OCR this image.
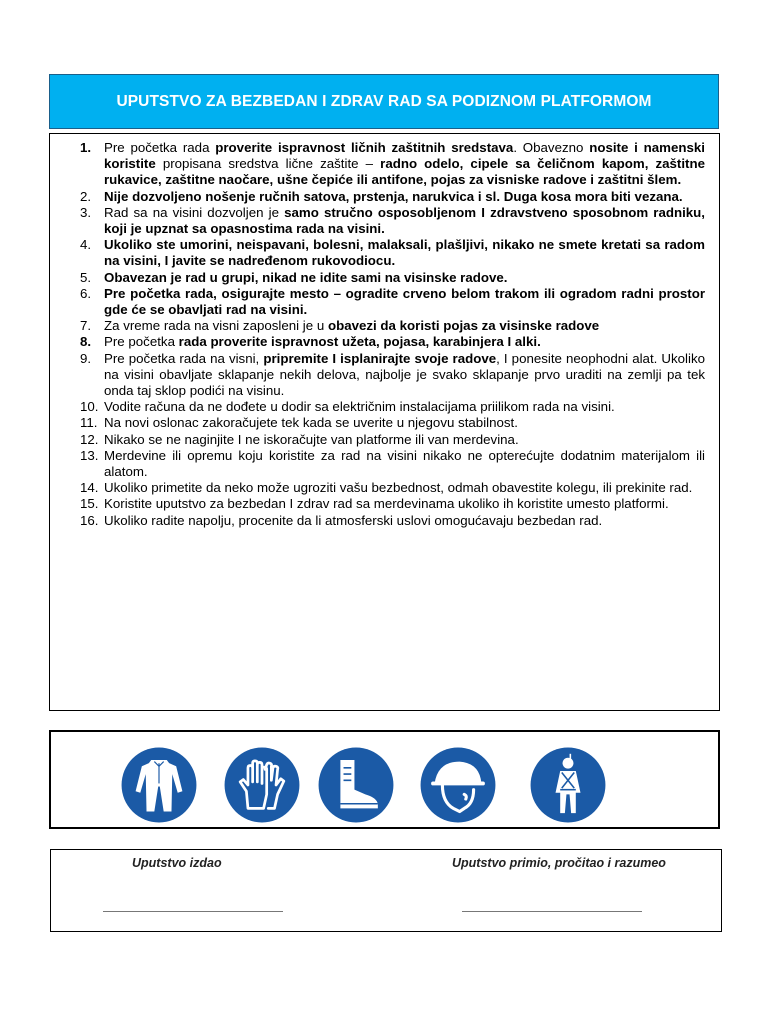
UPUTSTVO ZA BEZBEDAN I ZDRAV RAD SA PODIZNOM PLATFORMOM
1. Pre početka rada proverite ispravnost ličnih zaštitnih sredstava. Obavezno nosite i namenski koristite propisana sredstva lične zaštite – radno odelo, cipele sa čeličnom kapom, zaštitne rukavice, zaštitne naočare, ušne čepiće ili antifone, pojas za visniske radove i zaštitni šlem.
2. Nije dozvoljeno nošenje ručnih satova, prstenja, narukvica i sl. Duga kosa mora biti vezana.
3. Rad sa na visini dozvoljen je samo stručno osposobljenom I zdravstveno sposobnom radniku, koji je upznat sa opasnostima rada na visini.
4. Ukoliko ste umorini, neispavani, bolesni, malaksali, plašljivi, nikako ne smete kretati sa radom na visini, I javite se nadređenom rukovodiocu.
5. Obavezan je rad u grupi, nikad ne idite sami na visinske radove.
6. Pre početka rada, osigurajte mesto – ogradite crveno belom trakom ili ogradom radni prostor gde će se obavljati rad na visini.
7. Za vreme rada na visni zaposleni je u obavezi da koristi pojas za visinske radove
8. Pre početka rada proverite ispravnost užeta, pojasa, karabinjera I alki.
9. Pre početka rada na visni, pripremite I isplanirajte svoje radove, I ponesite neophodni alat. Ukoliko na visini obavljate sklapanje nekih delova, najbolje je svako sklapanje prvo uraditi na zemlji pa tek onda taj sklop podići na visinu.
10. Vodite računa da ne dođete u dodir sa električnim instalacijama priilikom rada na visini.
11. Na novi oslonac zakoračujete tek kada se uverite u njegovu stabilnost.
12. Nikako se ne naginjite I ne iskoračujte van platforme ili van merdevina.
13. Merdevine ili opremu koju koristite za rad na visini nikako ne opterećujte dodatnim materijalom ili alatom.
14. Ukoliko primetite da neko može ugroziti vašu bezbednost, odmah obavestite kolegu, ili prekinite rad.
15. Koristite uputstvo za bezbedan I zdrav rad sa merdevinama ukoliko ih koristite umesto platformi.
16. Ukoliko radite napolju, procenite da li atmosferski uslovi omogućavaju bezbedan rad.
Uputstvo izdao	Uputstvo primio, pročitao i razumeo
